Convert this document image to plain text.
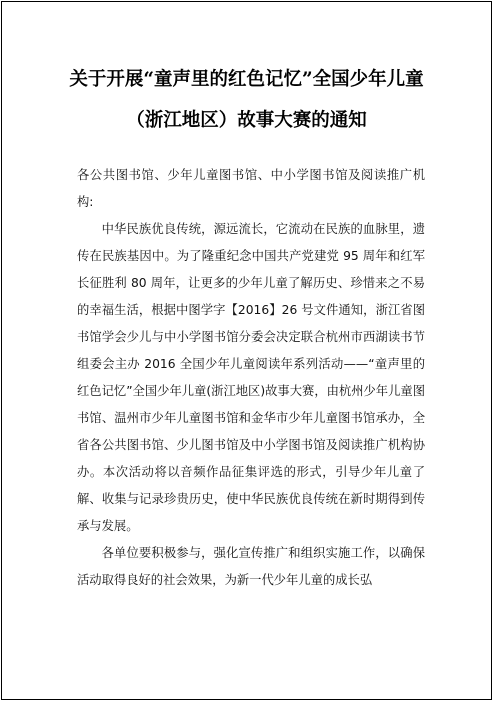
关于开展“童声里的红色记忆”全国少年儿童
（浙江地区）故事大赛的通知

各公共图书馆、少年儿童图书馆、中小学图书馆及阅读推广机构:

中华民族优良传统，源远流长，它流动在民族的血脉里，遗传在民族基因中。为了隆重纪念中国共产党建党 95 周年和红军长征胜利 80 周年，让更多的少年儿童了解历史、珍惜来之不易的幸福生活，根据中图学字【2016】26 号文件通知，浙江省图书馆学会少儿与中小学图书馆分委会决定联合杭州市西湖读书节组委会主办 2016 全国少年儿童阅读年系列活动——“童声里的红色记忆”全国少年儿童(浙江地区)故事大赛，由杭州少年儿童图书馆、温州市少年儿童图书馆和金华市少年儿童图书馆承办，全省各公共图书馆、少儿图书馆及中小学图书馆及阅读推广机构协办。本次活动将以音频作品征集评选的形式，引导少年儿童了解、收集与记录珍贵历史，使中华民族优良传统在新时期得到传承与发展。

各单位要积极参与，强化宣传推广和组织实施工作，以确保活动取得良好的社会效果，为新一代少年儿童的成长弘
